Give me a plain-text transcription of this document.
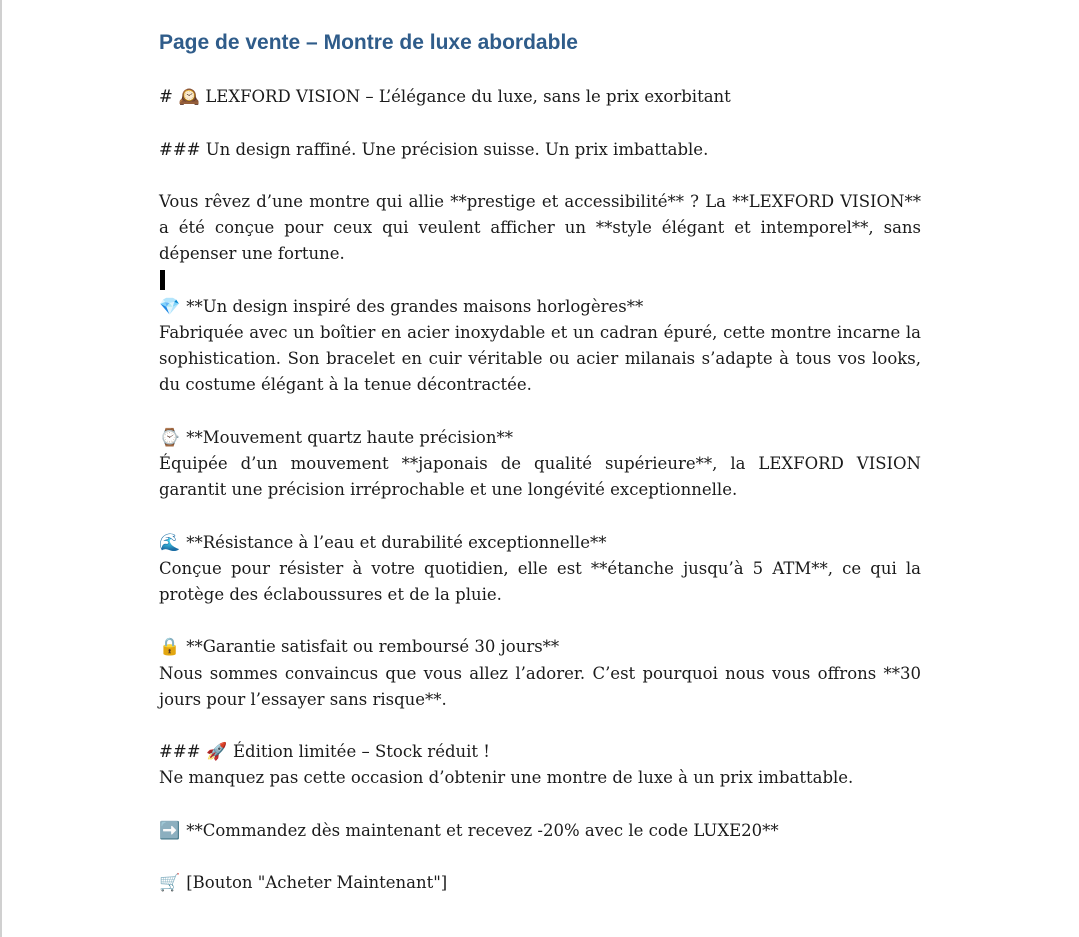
Page de vente – Montre de luxe abordable

# 🕰️ LEXFORD VISION – L’élégance du luxe, sans le prix exorbitant

### Un design raffiné. Une précision suisse. Un prix imbattable.

Vous rêvez d’une montre qui allie **prestige et accessibilité** ? La **LEXFORD VISION** a été conçue pour ceux qui veulent afficher un **style élégant et intemporel**, sans dépenser une fortune.

💎 **Un design inspiré des grandes maisons horlogères**

Fabriquée avec un boîtier en acier inoxydable et un cadran épuré, cette montre incarne la sophistication. Son bracelet en cuir véritable ou acier milanais s’adapte à tous vos looks, du costume élégant à la tenue décontractée.

⌚ **Mouvement quartz haute précision**

Équipée d’un mouvement **japonais de qualité supérieure**, la LEXFORD VISION garantit une précision irréprochable et une longévité exceptionnelle.

🌊 **Résistance à l’eau et durabilité exceptionnelle**

Conçue pour résister à votre quotidien, elle est **étanche jusqu’à 5 ATM**, ce qui la protège des éclaboussures et de la pluie.

🔒 **Garantie satisfait ou remboursé 30 jours**

Nous sommes convaincus que vous allez l’adorer. C’est pourquoi nous vous offrons **30 jours pour l’essayer sans risque**.

### 🚀 Édition limitée – Stock réduit !

Ne manquez pas cette occasion d’obtenir une montre de luxe à un prix imbattable.

➡️ **Commandez dès maintenant et recevez -20% avec le code LUXE20**

🛒 [Bouton "Acheter Maintenant"]
